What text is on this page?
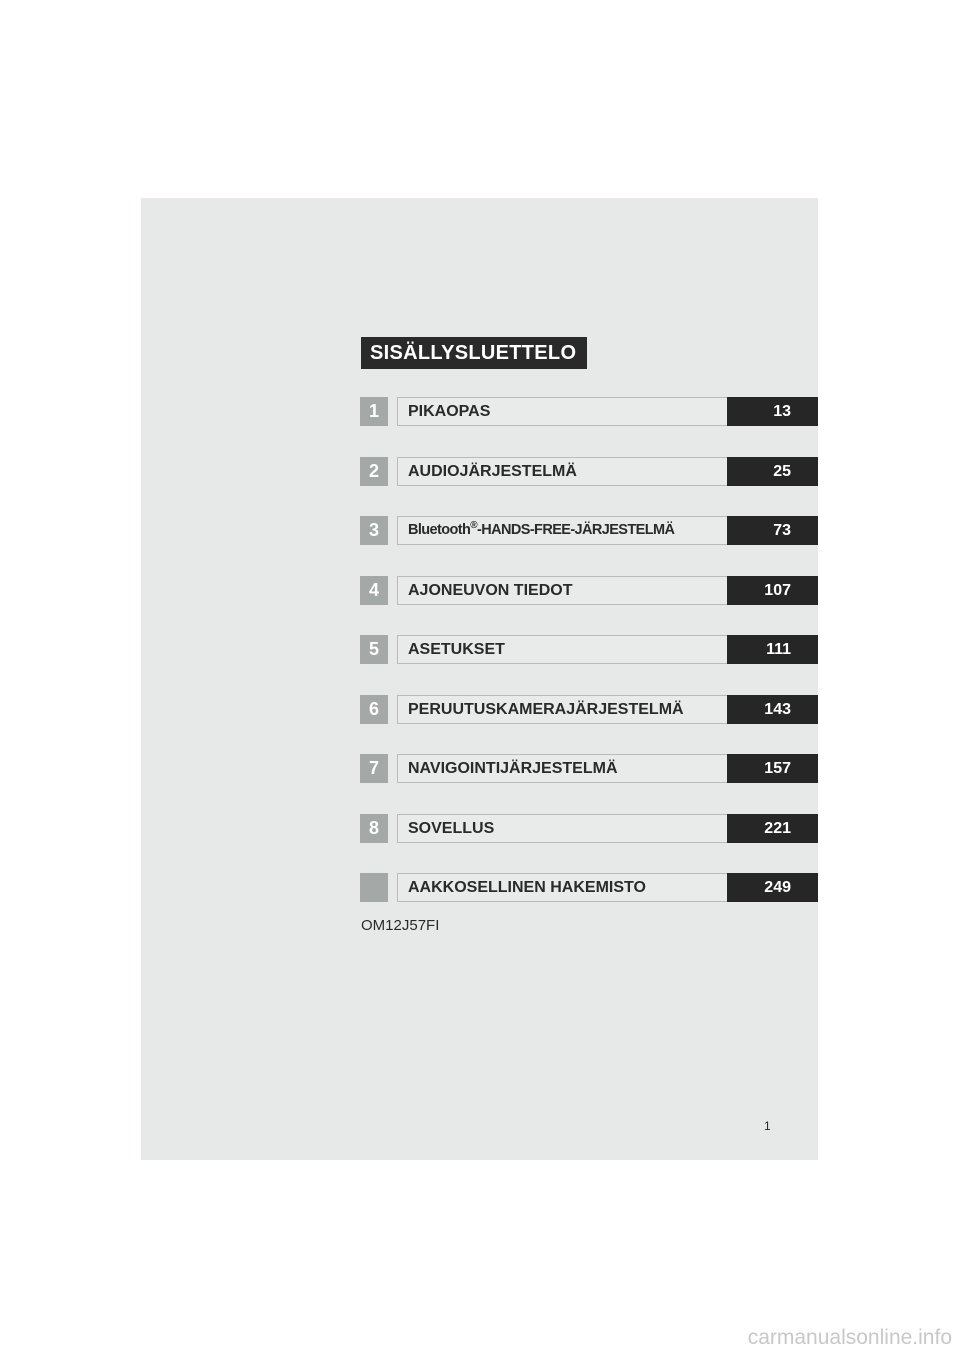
SISÄLLYSLUETTELO
1	PIKAOPAS	13
2	AUDIOJÄRJESTELMÄ	25
3	Bluetooth®-HANDS-FREE-JÄRJESTELMÄ	73
4	AJONEUVON TIEDOT	107
5	ASETUKSET	111
6	PERUUTUSKAMERAJÄRJESTELMÄ	143
7	NAVIGOINTIJÄRJESTELMÄ	157
8	SOVELLUS	221
AAKKOSELLINEN HAKEMISTO	249
OM12J57FI
1
carmanualsonline.info
